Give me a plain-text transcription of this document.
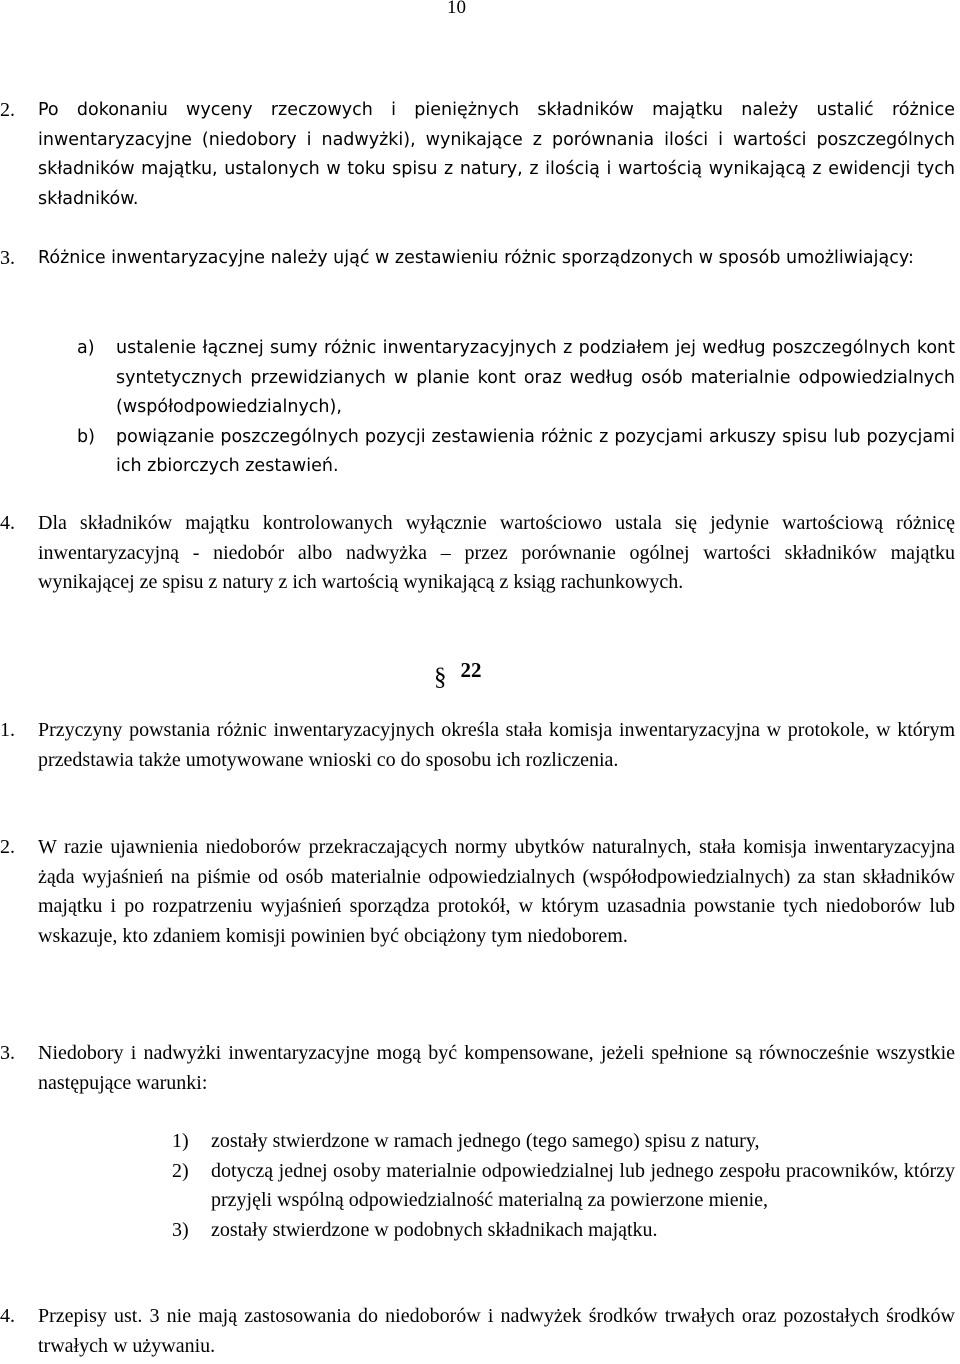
10
2.	Po dokonaniu wyceny rzeczowych i pieniężnych składników majątku należy ustalić różnice inwentaryzacyjne (niedobory i nadwyżki), wynikające z porównania ilości i wartości poszczególnych składników majątku, ustalonych w toku spisu z natury, z ilością i wartością wynikającą z ewidencji tych składników.
3.	Różnice inwentaryzacyjne należy ująć w zestawieniu różnic sporządzonych w sposób umożliwiający:
a) ustalenie łącznej sumy różnic inwentaryzacyjnych z podziałem jej według poszczególnych kont syntetycznych przewidzianych w planie kont oraz według osób materialnie odpowiedzialnych (współodpowiedzialnych),
b) powiązanie poszczególnych pozycji zestawienia różnic z pozycjami arkuszy spisu lub pozycjami ich zbiorczych zestawień.
4.	Dla składników majątku kontrolowanych wyłącznie wartościowo ustala się jedynie wartościową różnicę inwentaryzacyjną - niedobór albo nadwyżka – przez porównanie ogólnej wartości składników majątku wynikającej ze spisu z natury z ich wartością wynikającą z ksiąg rachunkowych.
§ 22
1.	Przyczyny powstania różnic inwentaryzacyjnych określa stała komisja inwentaryzacyjna w protokole, w którym przedstawia także umotywowane wnioski co do sposobu ich rozliczenia.
2.	W razie ujawnienia niedoborów przekraczających normy ubytków naturalnych, stała komisja inwentaryzacyjna żąda wyjaśnień na piśmie od osób materialnie odpowiedzialnych (współodpowiedzialnych) za stan składników majątku i po rozpatrzeniu wyjaśnień sporządza protokół, w którym uzasadnia powstanie tych niedoborów lub wskazuje, kto zdaniem komisji powinien być obciążony tym niedoborem.
3.	Niedobory i nadwyżki inwentaryzacyjne mogą być kompensowane, jeżeli spełnione są równocześnie wszystkie następujące warunki:
1) zostały stwierdzone w ramach jednego (tego samego) spisu z natury,
2) dotyczą jednej osoby materialnie odpowiedzialnej lub jednego zespołu pracowników, którzy przyjęli wspólną odpowiedzialność materialną za powierzone mienie,
3) zostały stwierdzone w podobnych składnikach majątku.
4.	Przepisy ust. 3 nie mają zastosowania do niedoborów i nadwyżek środków trwałych oraz pozostałych środków trwałych w używaniu.
